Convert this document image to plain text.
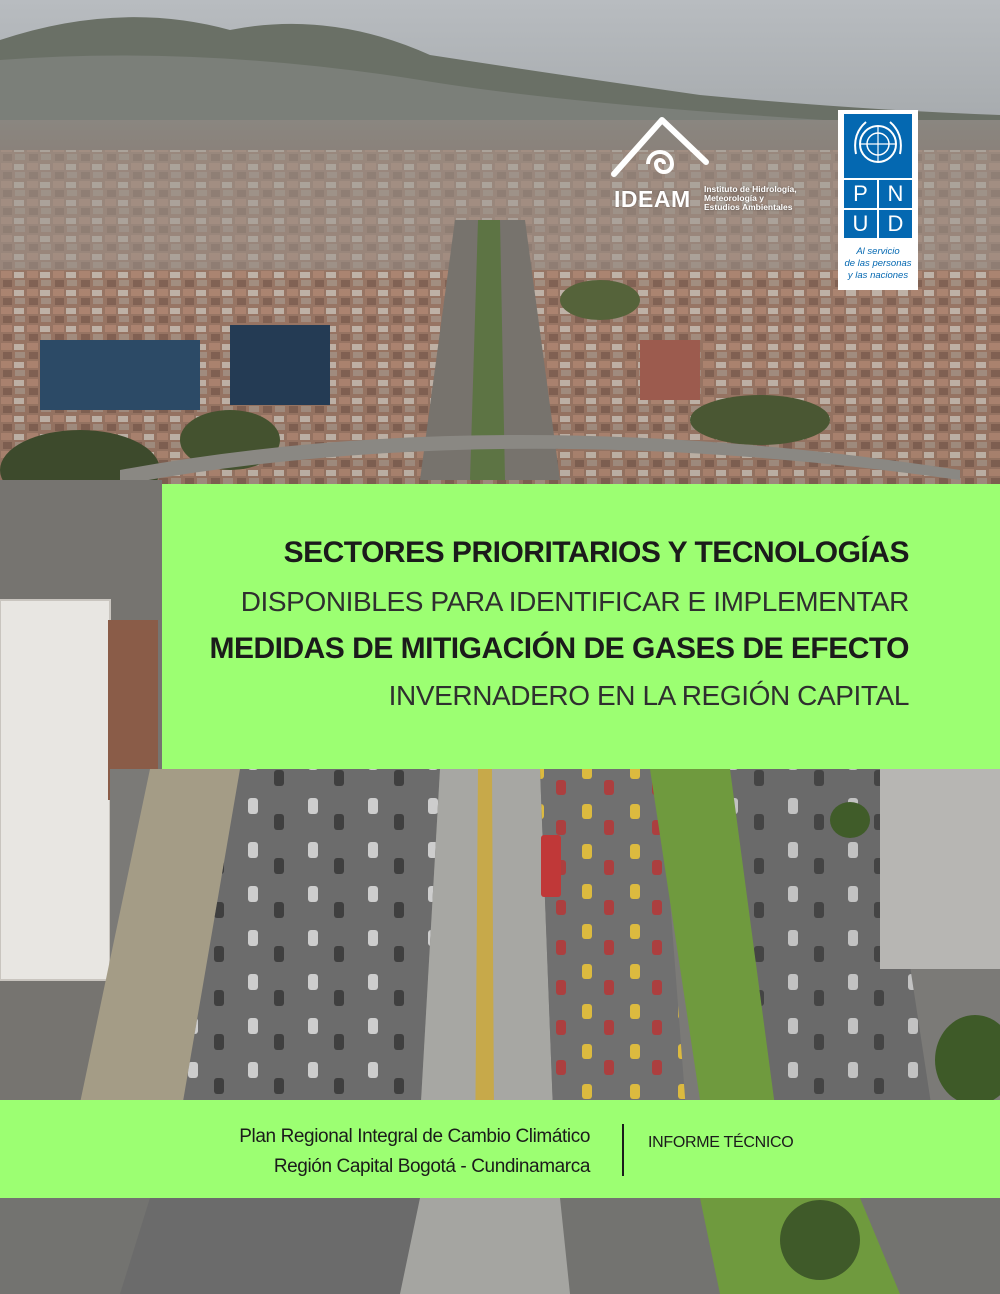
IDEAM Instituto de Hidrología,
Meteorología y
Estudios Ambientales
P N
U D
Al servicio
de las personas
y las naciones
SECTORES PRIORITARIOS Y TECNOLOGÍAS
DISPONIBLES PARA IDENTIFICAR E IMPLEMENTAR
MEDIDAS DE MITIGACIÓN DE GASES DE EFECTO
INVERNADERO EN LA REGIÓN CAPITAL
Plan Regional Integral de Cambio Climático
Región Capital Bogotá - Cundinamarca
INFORME TÉCNICO
